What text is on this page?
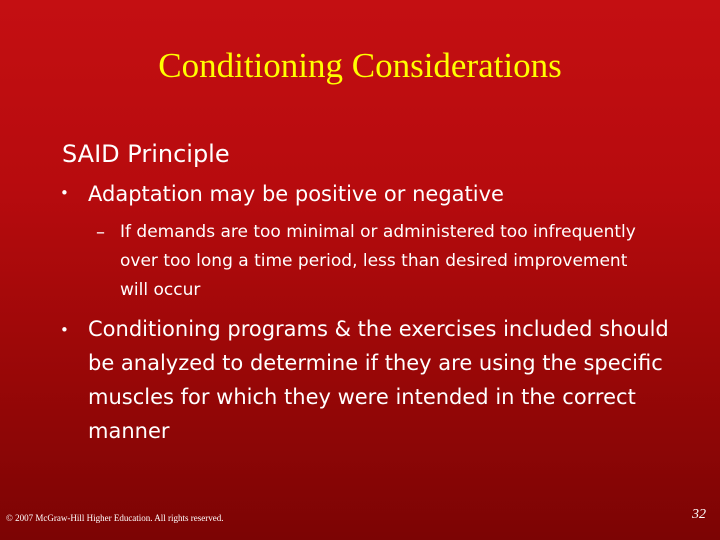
Conditioning Considerations
SAID Principle
• Adaptation may be positive or negative
– If demands are too minimal or administered too infrequently over too long a time period, less than desired improvement will occur
• Conditioning programs & the exercises included should be analyzed to determine if they are using the specific muscles for which they were intended in the correct manner
© 2007 McGraw-Hill Higher Education. All rights reserved.	32
